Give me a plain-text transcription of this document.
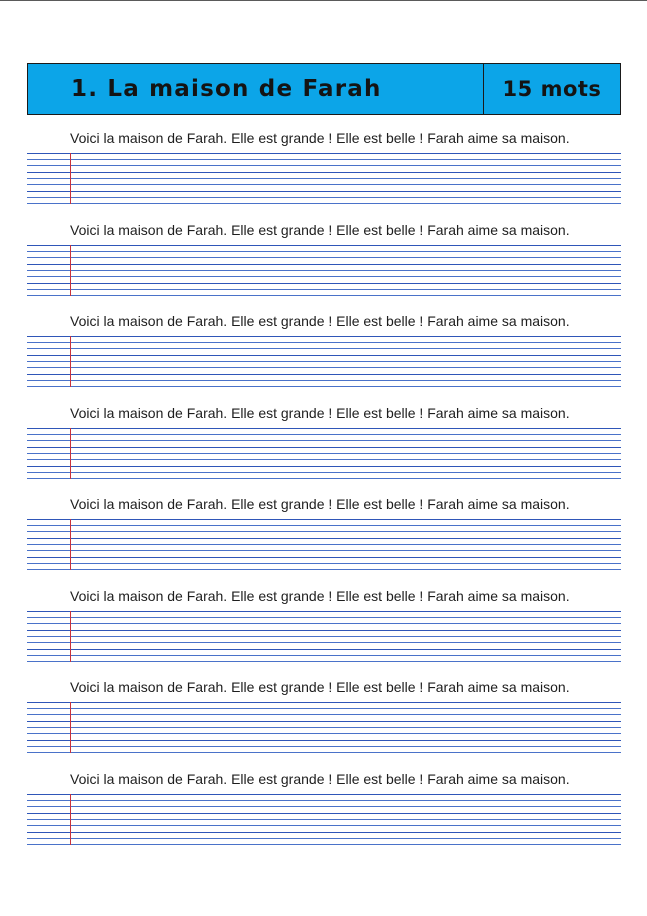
1. La maison de Farah	15 mots
Voici la maison de Farah. Elle est grande ! Elle est belle ! Farah aime sa maison.
Voici la maison de Farah. Elle est grande ! Elle est belle ! Farah aime sa maison.
Voici la maison de Farah. Elle est grande ! Elle est belle ! Farah aime sa maison.
Voici la maison de Farah. Elle est grande ! Elle est belle ! Farah aime sa maison.
Voici la maison de Farah. Elle est grande ! Elle est belle ! Farah aime sa maison.
Voici la maison de Farah. Elle est grande ! Elle est belle ! Farah aime sa maison.
Voici la maison de Farah. Elle est grande ! Elle est belle ! Farah aime sa maison.
Voici la maison de Farah. Elle est grande ! Elle est belle ! Farah aime sa maison.
